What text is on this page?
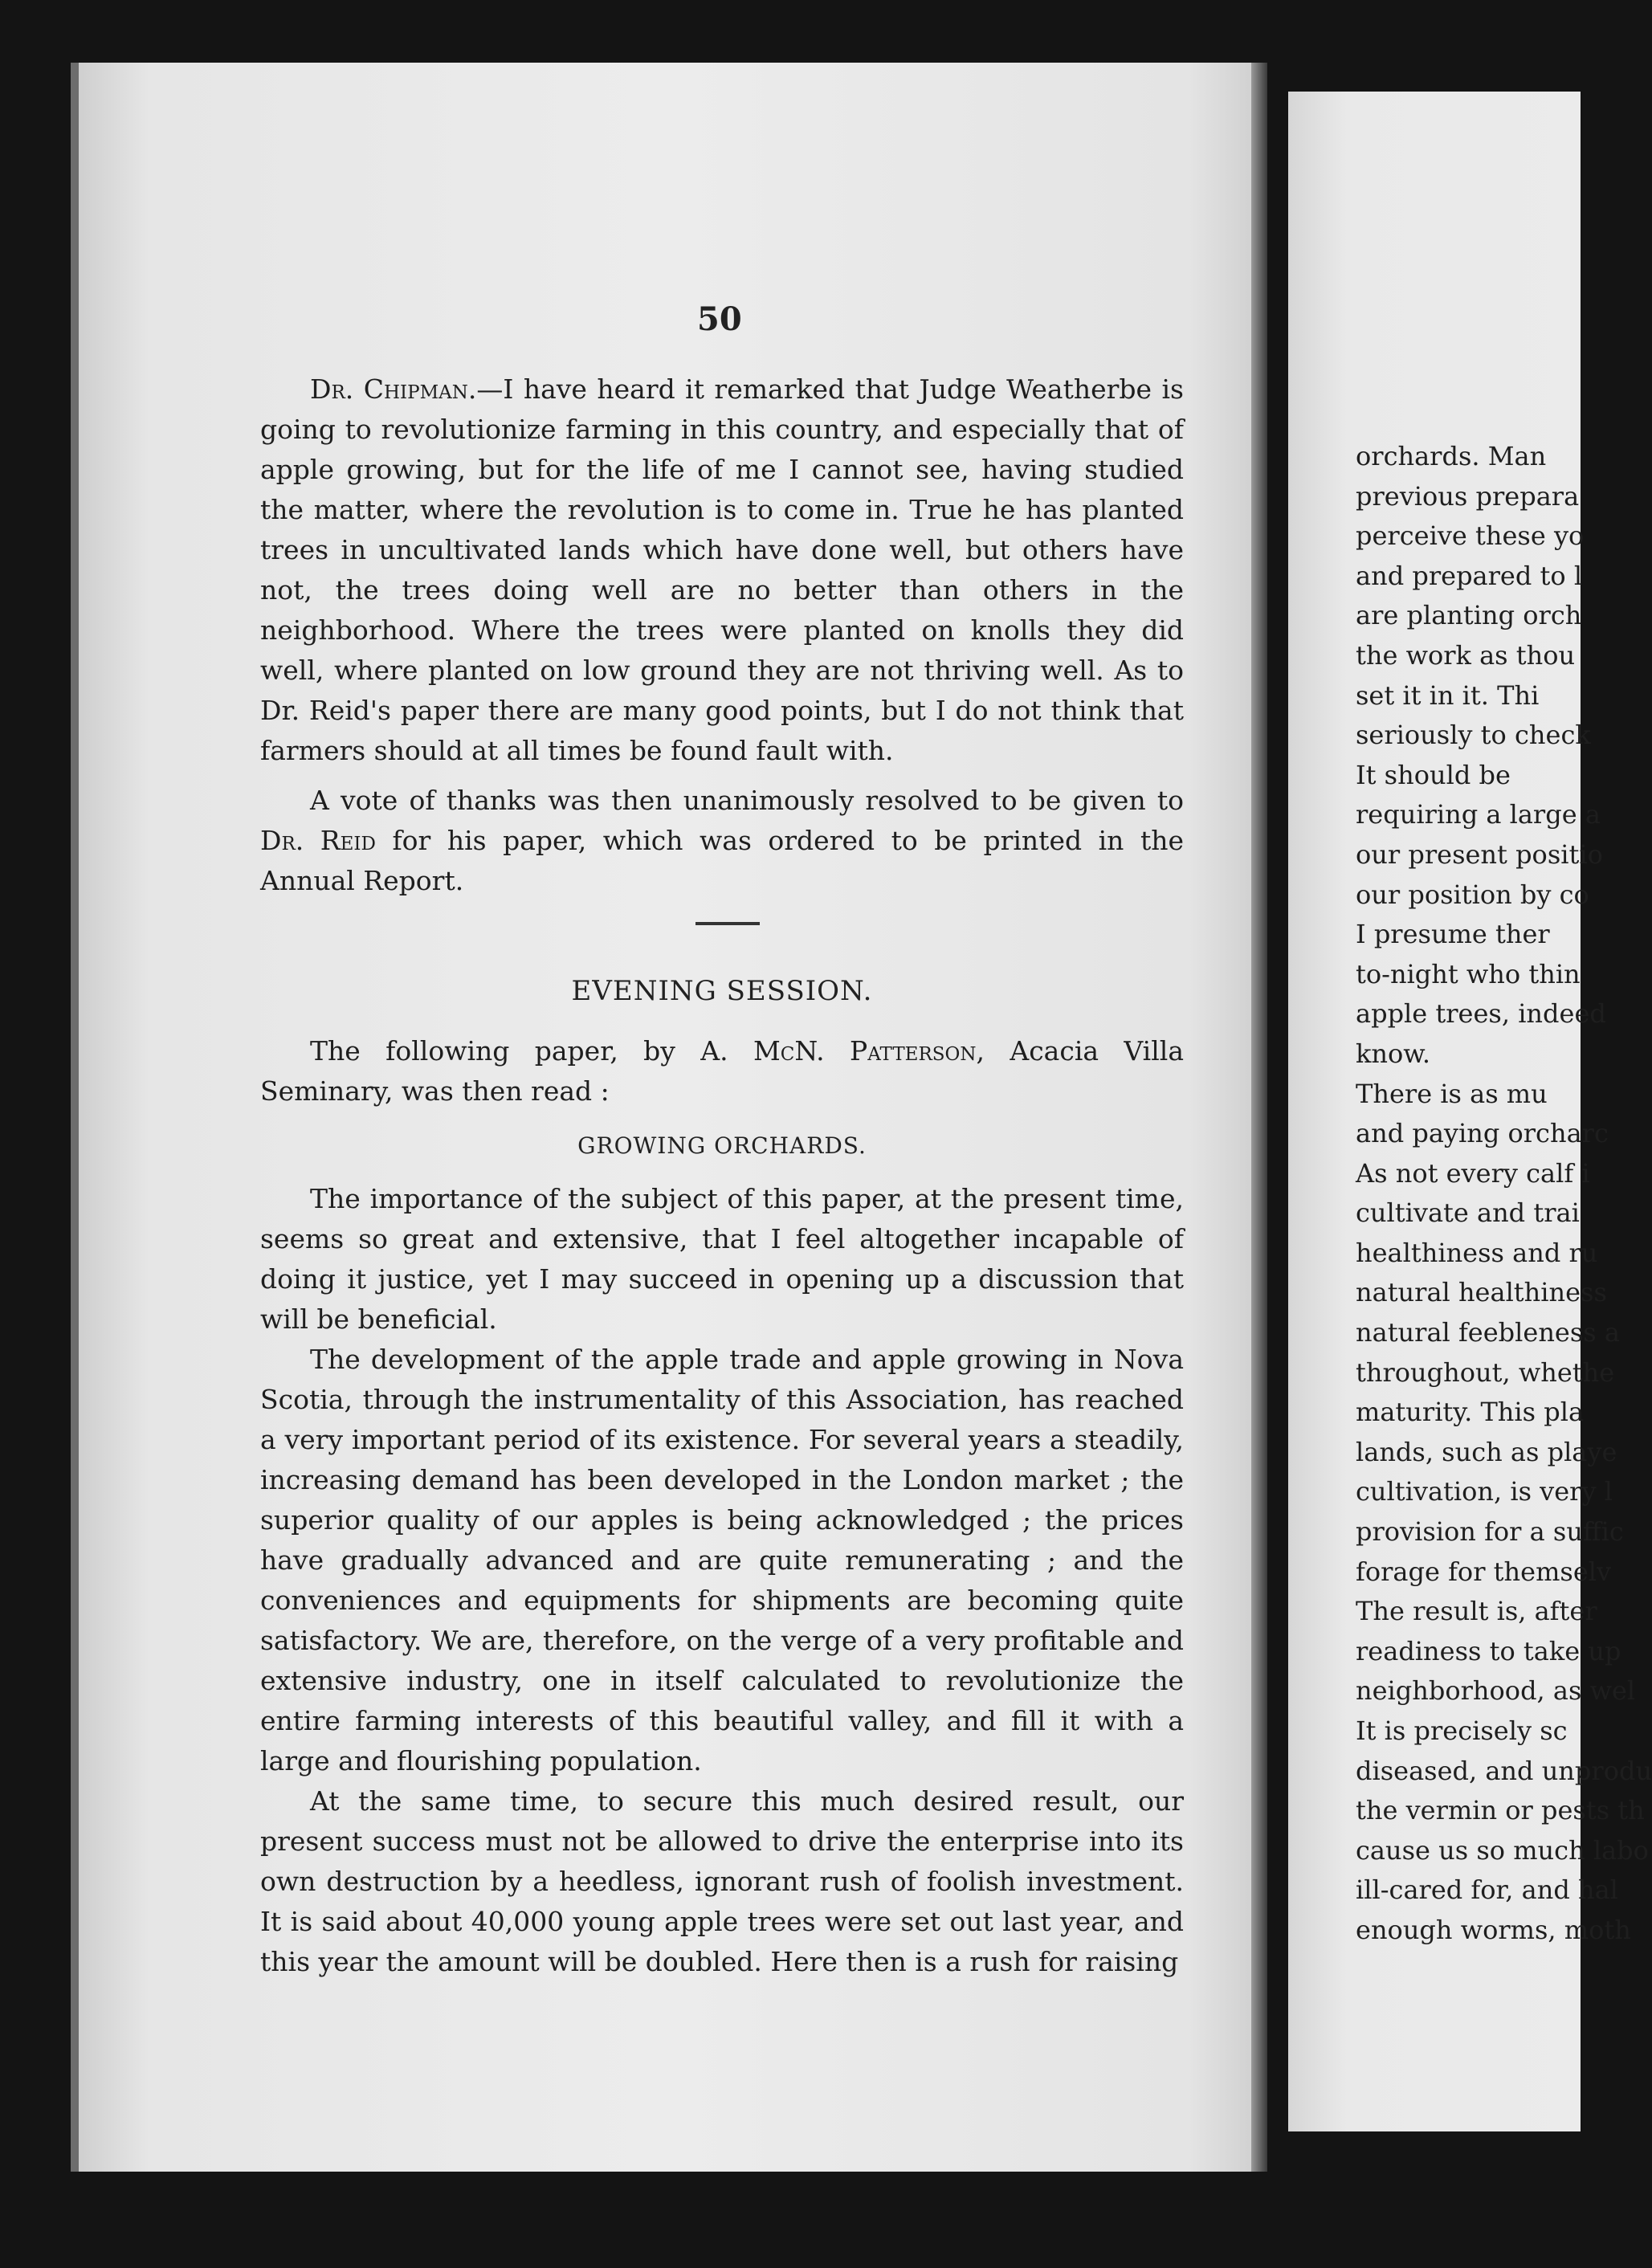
50

Dr. Chipman.—I have heard it remarked that Judge Weatherbe is going to revolutionize farming in this country, and especially that of apple growing, but for the life of me I cannot see, having studied the matter, where the revolution is to come in. True he has planted trees in uncultivated lands which have done well, but others have not, the trees doing well are no better than others in the neighborhood. Where the trees were planted on knolls they did well, where planted on low ground they are not thriving well. As to Dr. Reid's paper there are many good points, but I do not think that farmers should at all times be found fault with.

A vote of thanks was then unanimously resolved to be given to Dr. Reid for his paper, which was ordered to be printed in the Annual Report.

EVENING SESSION.

The following paper, by A. McN. Patterson, Acacia Villa Seminary, was then read :

GROWING ORCHARDS.

The importance of the subject of this paper, at the present time, seems so great and extensive, that I feel altogether incapable of doing it justice, yet I may succeed in opening up a discussion that will be beneficial.

The development of the apple trade and apple growing in Nova Scotia, through the instrumentality of this Association, has reached a very important period of its existence. For several years a steadily, increasing demand has been developed in the London market ; the superior quality of our apples is being acknowledged ; the prices have gradually advanced and are quite remunerating ; and the conveniences and equipments for shipments are becoming quite satisfactory. We are, therefore, on the verge of a very profitable and extensive industry, one in itself calculated to revolutionize the entire farming interests of this beautiful valley, and fill it with a large and flourishing population.

At the same time, to secure this much desired result, our present success must not be allowed to drive the enterprise into its own destruction by a heedless, ignorant rush of foolish investment. It is said about 40,000 young apple trees were set out last year, and this year the amount will be doubled. Here then is a rush for raising

orchards. Man
previous prepara
perceive these yo
and prepared to l
are planting orch
the work as thou
set it in it. Thi
seriously to check
It should be
requiring a large a
our present positio
our position by co
I presume ther
to-night who thin
apple trees, indeed
know.
There is as mu
and paying orcharc
As not every calf i
cultivate and trai
healthiness and ru
natural healthiness
natural feebleness a
throughout, whethe
maturity. This pla
lands, such as playe
cultivation, is very l
provision for a suffic
forage for themselv
The result is, after
readiness to take up
neighborhood, as wel
It is precisely sc
diseased, and unprodu
the vermin or pests th
cause us so much labo
ill-cared for, and hal
enough worms, moth
